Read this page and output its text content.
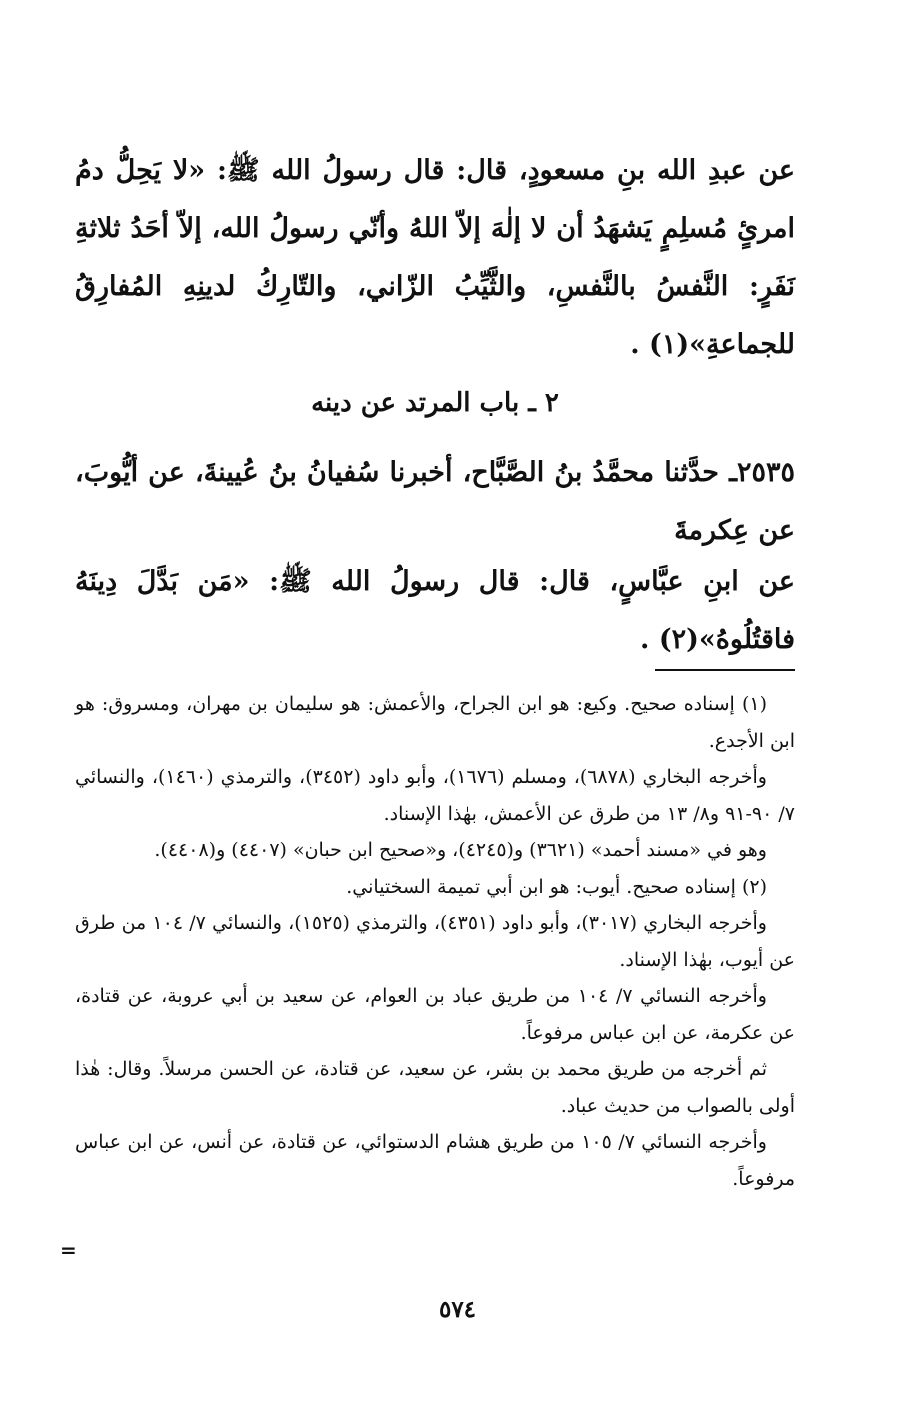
عن عبدِ الله بنِ مسعودٍ، قال: قال رسولُ الله ﷺ: «لا يَحِلُّ دمُ امرئٍ مُسلِمٍ يَشهَدُ أن لا إلٰهَ إلاّ اللهُ وأنّي رسولُ الله، إلاّ أحَدُ ثلاثةِ نَفَرٍ: النَّفسُ بالنَّفسِ، والثَّيِّبُ الزّاني، والتّارِكُ لدينِهِ المُفارِقُ للجماعةِ»(١) .
٢ ـ باب المرتد عن دينه
٢٥٣٥ـ حدَّثنا محمَّدُ بنُ الصَّبَّاح، أخبرنا سُفيانُ بنُ عُيينةَ، عن أيُّوبَ، عن عِكرمةَ
عن ابنِ عبَّاسٍ، قال: قال رسولُ الله ﷺ: «مَن بَدَّلَ دِينَهُ فاقتُلُوهُ»(٢) .

(١) إسناده صحيح. وكيع: هو ابن الجراح، والأعمش: هو سليمان بن مهران، ومسروق: هو ابن الأجدع.

وأخرجه البخاري (٦٨٧٨)، ومسلم (١٦٧٦)، وأبو داود (٣٤٥٢)، والترمذي (١٤٦٠)، والنسائي ٧/ ٩٠-٩١ و٨/ ١٣ من طرق عن الأعمش، بهٰذا الإسناد.

وهو في «مسند أحمد» (٣٦٢١) و(٤٢٤٥)، و«صحيح ابن حبان» (٤٤٠٧) و(٤٤٠٨).

(٢) إسناده صحيح. أيوب: هو ابن أبي تميمة السختياني.

وأخرجه البخاري (٣٠١٧)، وأبو داود (٤٣٥١)، والترمذي (١٥٢٥)، والنسائي ٧/ ١٠٤ من طرق عن أيوب، بهٰذا الإسناد.

وأخرجه النسائي ٧/ ١٠٤ من طريق عباد بن العوام، عن سعيد بن أبي عروبة، عن قتادة، عن عكرمة، عن ابن عباس مرفوعاً.

ثم أخرجه من طريق محمد بن بشر، عن سعيد، عن قتادة، عن الحسن مرسلاً. وقال: هٰذا أولى بالصواب من حديث عباد.

وأخرجه النسائي ٧/ ١٠٥ من طريق هشام الدستوائي، عن قتادة، عن أنس، عن ابن عباس مرفوعاً.

=
٥٧٤
